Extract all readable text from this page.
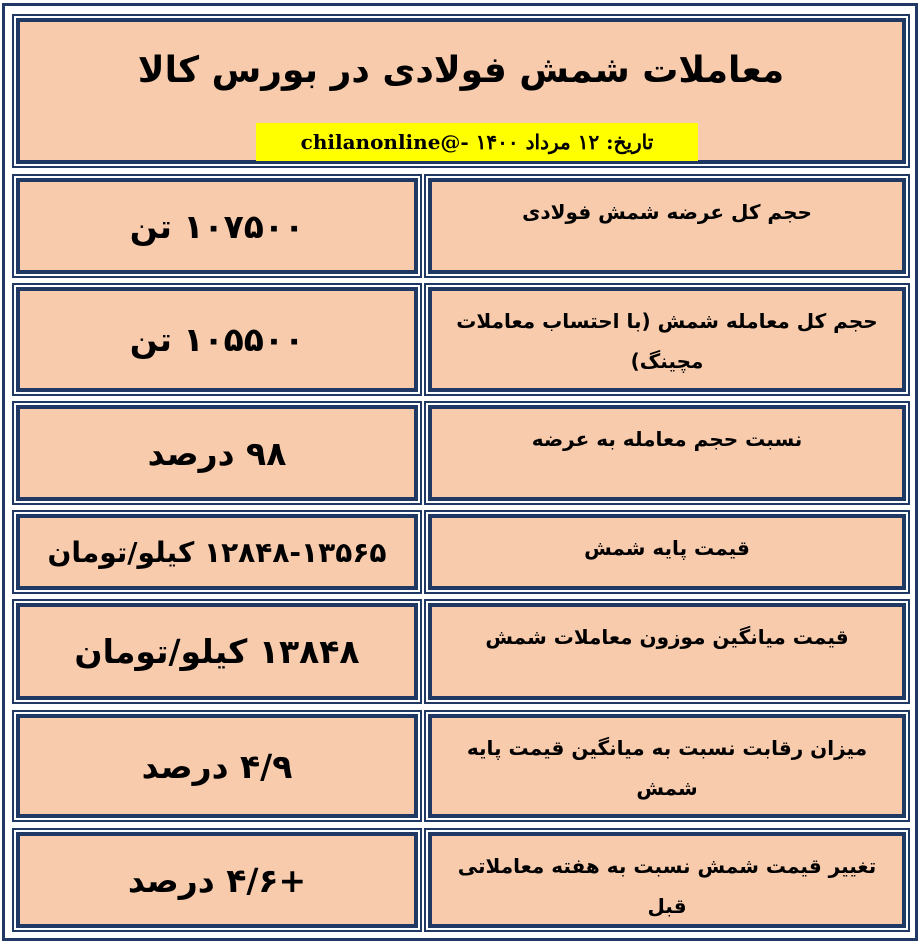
معاملات شمش فولادی در بورس کالا
تاریخ: ۱۲ مرداد ۱۴۰۰ -@chilanonline
۱۰۷۵۰۰ تن	حجم کل عرضه شمش فولادی
۱۰۵۵۰۰ تن	حجم کل معامله شمش (با احتساب معاملات مچینگ)
۹۸ درصد	نسبت حجم معامله به عرضه
۱۲۸۴۸-۱۳۵۶۵ کیلو/تومان	قیمت پایه شمش
۱۳۸۴۸ کیلو/تومان	قیمت میانگین موزون معاملات شمش
۴/۹ درصد	میزان رقابت نسبت به میانگین قیمت پایه شمش
+۴/۶ درصد	تغییر قیمت شمش نسبت به هفته معاملاتی قبل
